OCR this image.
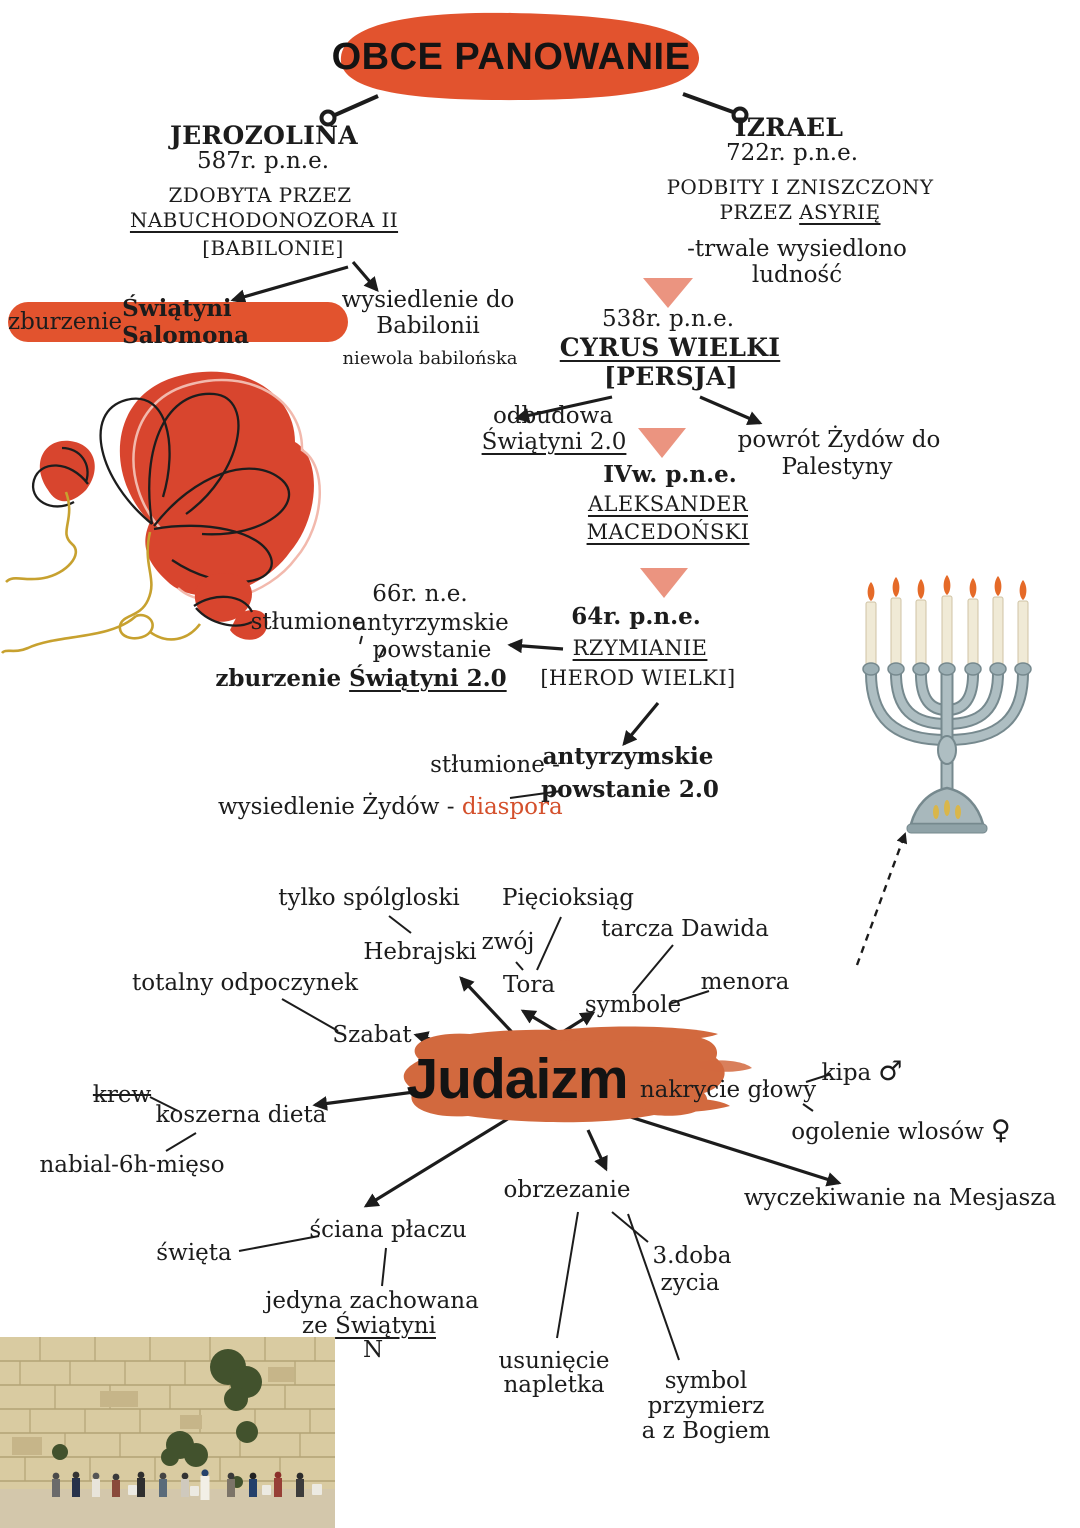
OBCE PANOWANIE
JEROZOLINA
587r. p.n.e.
ZDOBYTA PRZEZ
NABUCHODONOZORA II
[BABILONIE]
zburzenie Świątyni Salomona
wysiedlenie do
Babilonii
niewola babilońska
IZRAEL
722r. p.n.e.
PODBITY I ZNISZCZONY
PRZEZ ASYRIĘ
-trwale wysiedlono
ludność
538r. p.n.e.
CYRUS WIELKI
[PERSJA]
odbudowa
Świątyni 2.0	powrót Żydów do
Palestyny
IVw. p.n.e.
ALEKSANDER
MACEDOŃSKI
64r. p.n.e.
RZYMIANIE
[HEROD WIELKI]
66r. n.e.
stłumione
antyrzymskie
powstanie
zburzenie Świątyni 2.0
stłumione -
antyrzymskie
powstanie 2.0
wysiedlenie Żydów - diaspora
tylko spólgloski
Hebrajski
Pięcioksiąg
zwój	tarcza Dawida
Tora
symbole
menora
totalny odpoczynek
Szabat
Judaizm
krew
koszerna dieta
nabial-6h-mięso
nakrycie głowy
kipa ♂
ogolenie wlosów ♀
wyczekiwanie na Mesjasza
obrzezanie
święta
ściana płaczu
jedyna zachowana
ze Świątyni
N
3.doba
zycia
usunięcie
napletka	symbol
przymierz
a z Bogiem
